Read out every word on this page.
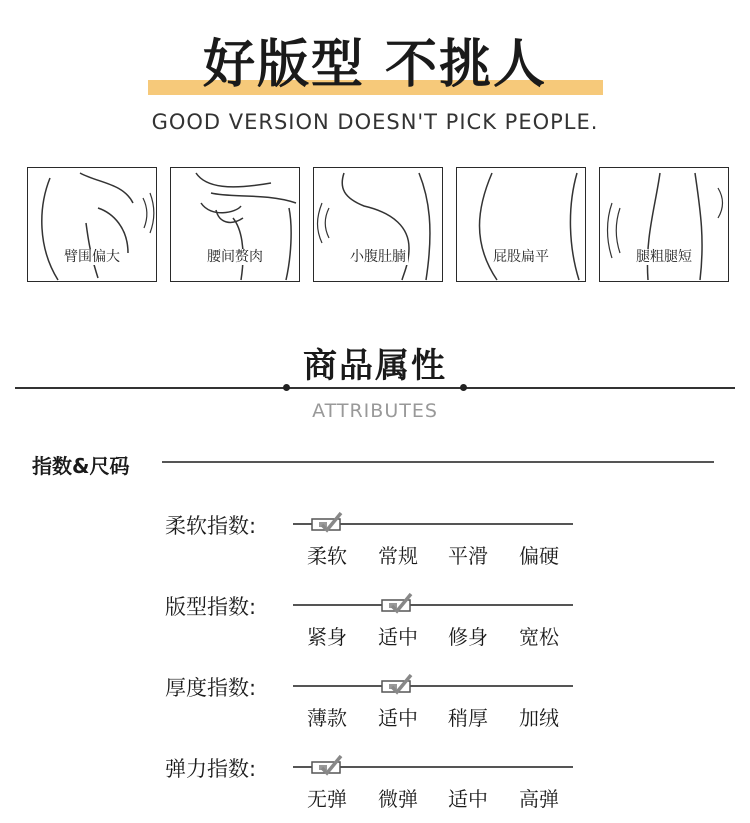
好版型 不挑人
GOOD VERSION DOESN'T PICK PEOPLE.
臂围偏大	腰间赘肉	小腹肚腩	屁股扁平	腿粗腿短
商品属性
ATTRIBUTES
指数&尺码
柔软指数:
柔软	常规	平滑	偏硬
版型指数:
紧身	适中	修身	宽松
厚度指数:
薄款	适中	稍厚	加绒
弹力指数:
无弹	微弹	适中	高弹
